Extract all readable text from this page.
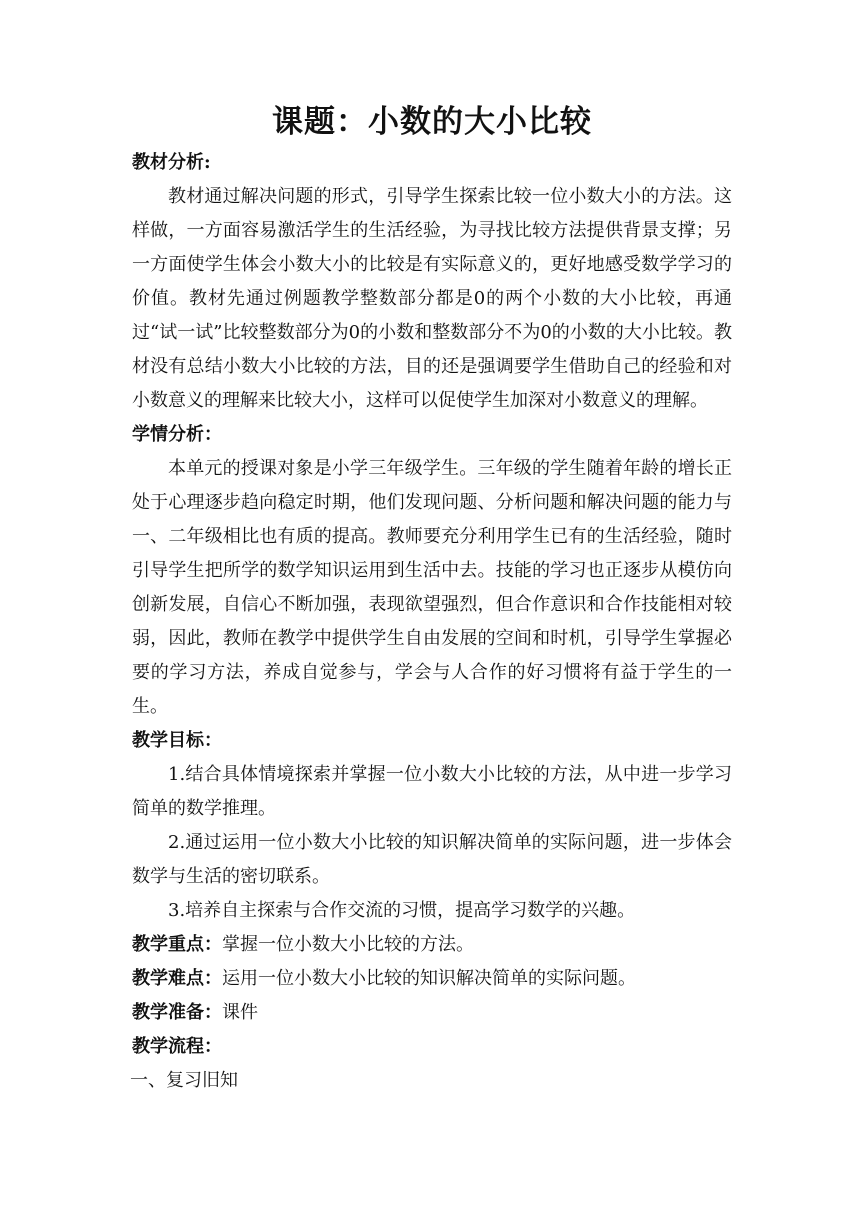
课题：小数的大小比较

教材分析:

教材通过解决问题的形式，引导学生探索比较一位小数大小的方法。这样做，一方面容易激活学生的生活经验，为寻找比较方法提供背景支撑；另一方面使学生体会小数大小的比较是有实际意义的，更好地感受数学学习的价值。教材先通过例题教学整数部分都是0的两个小数的大小比较，再通过“试一试”比较整数部分为0的小数和整数部分不为0的小数的大小比较。教材没有总结小数大小比较的方法，目的还是强调要学生借助自己的经验和对小数意义的理解来比较大小，这样可以促使学生加深对小数意义的理解。

学情分析：

本单元的授课对象是小学三年级学生。三年级的学生随着年龄的增长正处于心理逐步趋向稳定时期，他们发现问题、分析问题和解决问题的能力与一、二年级相比也有质的提高。教师要充分利用学生已有的生活经验，随时引导学生把所学的数学知识运用到生活中去。技能的学习也正逐步从模仿向创新发展，自信心不断加强，表现欲望强烈，但合作意识和合作技能相对较弱，因此，教师在教学中提供学生自由发展的空间和时机，引导学生掌握必要的学习方法，养成自觉参与，学会与人合作的好习惯将有益于学生的一生。

教学目标：

1.结合具体情境探索并掌握一位小数大小比较的方法，从中进一步学习简单的数学推理。

2.通过运用一位小数大小比较的知识解决简单的实际问题，进一步体会数学与生活的密切联系。

3.培养自主探索与合作交流的习惯，提高学习数学的兴趣。

教学重点：掌握一位小数大小比较的方法。

教学难点：运用一位小数大小比较的知识解决简单的实际问题。

教学准备：课件

教学流程：

一、复习旧知
